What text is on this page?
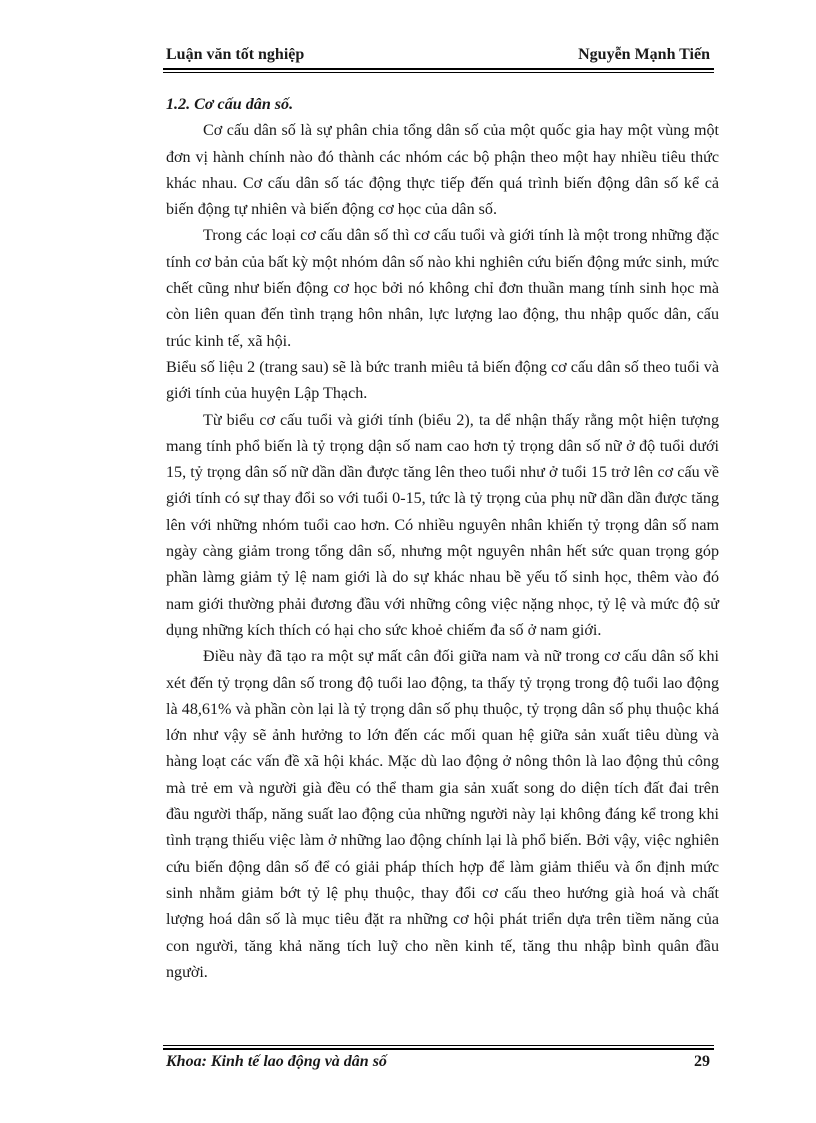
Luận văn tốt nghiệp	Nguyễn Mạnh Tiến

1.2. Cơ cấu dân số.

Cơ cấu dân số là sự phân chia tổng dân số của một quốc gia hay một vùng một đơn vị hành chính nào đó thành các nhóm các bộ phận theo một hay nhiều tiêu thức khác nhau. Cơ cấu dân số tác động thực tiếp đến quá trình biến động dân số kể cả biến động tự nhiên và biến động cơ học của dân số.

Trong các loại cơ cấu dân số thì cơ cấu tuổi và giới tính là một trong những đặc tính cơ bản của bất kỳ một nhóm dân số nào khi nghiên cứu biến động mức sinh, mức chết cũng như biến động cơ học bởi nó không chỉ đơn thuần mang tính sinh học mà còn liên quan đến tình trạng hôn nhân, lực lượng lao động, thu nhập quốc dân, cấu trúc kinh tế, xã hội.

Biểu số liệu 2 (trang sau) sẽ là bức tranh miêu tả biến động cơ cấu dân số theo tuổi và giới tính của huyện Lập Thạch.

Từ biểu cơ cấu tuổi và giới tính (biểu 2), ta dể nhận thấy rằng một hiện tượng mang tính phổ biến là tỷ trọng dận số nam cao hơn tỷ trọng dân số nữ ở độ tuổi dưới 15, tỷ trọng dân số nữ dần dần được tăng lên theo tuổi như ở tuổi 15 trở lên cơ cấu về giới tính có sự thay đổi so với tuổi 0-15, tức là tỷ trọng của phụ nữ dần dần được tăng lên với những nhóm tuổi cao hơn. Có nhiều nguyên nhân khiến tỷ trọng dân số nam ngày càng giảm trong tổng dân số, nhưng một nguyên nhân hết sức quan trọng góp phần làmg giảm tỷ lệ nam giới là do sự khác nhau bề yếu tố sinh học, thêm vào đó nam giới thường phải đương đầu với những công việc nặng nhọc, tỷ lệ và mức độ sử dụng những kích thích có hại cho sức khoẻ chiếm đa số ở nam giới.

Điều này đã tạo ra một sự mất cân đối giữa nam và nữ trong cơ cấu dân số khi xét đến tỷ trọng dân số trong độ tuổi lao động, ta thấy tỷ trọng trong độ tuổi lao động là 48,61% và phần còn lại là tỷ trọng dân số phụ thuộc, tỷ trọng dân số phụ thuộc khá lớn như vậy sẽ ảnh hưởng to lớn đến các mối quan hệ giữa sản xuất tiêu dùng và hàng loạt các vấn đề xã hội khác. Mặc dù lao động ở nông thôn là lao động thủ công mà trẻ em và người già đều có thể tham gia sản xuất song do diện tích đất đai trên đầu người thấp, năng suất lao động của những người này lại không đáng kể trong khi tình trạng thiếu việc làm ở những lao động chính lại là phổ biến. Bởi vậy, việc nghiên cứu biến động dân số để có giải pháp thích hợp để làm giảm thiểu và ổn định mức sinh nhằm giảm bớt tỷ lệ phụ thuộc, thay đổi cơ cấu theo hướng già hoá và chất lượng hoá dân số là mục tiêu đặt ra những cơ hội phát triển dựa trên tiềm năng của con người, tăng khả năng tích luỹ cho nền kinh tế, tăng thu nhập bình quân đầu người.

Khoa: Kinh tế lao động và dân số	29
